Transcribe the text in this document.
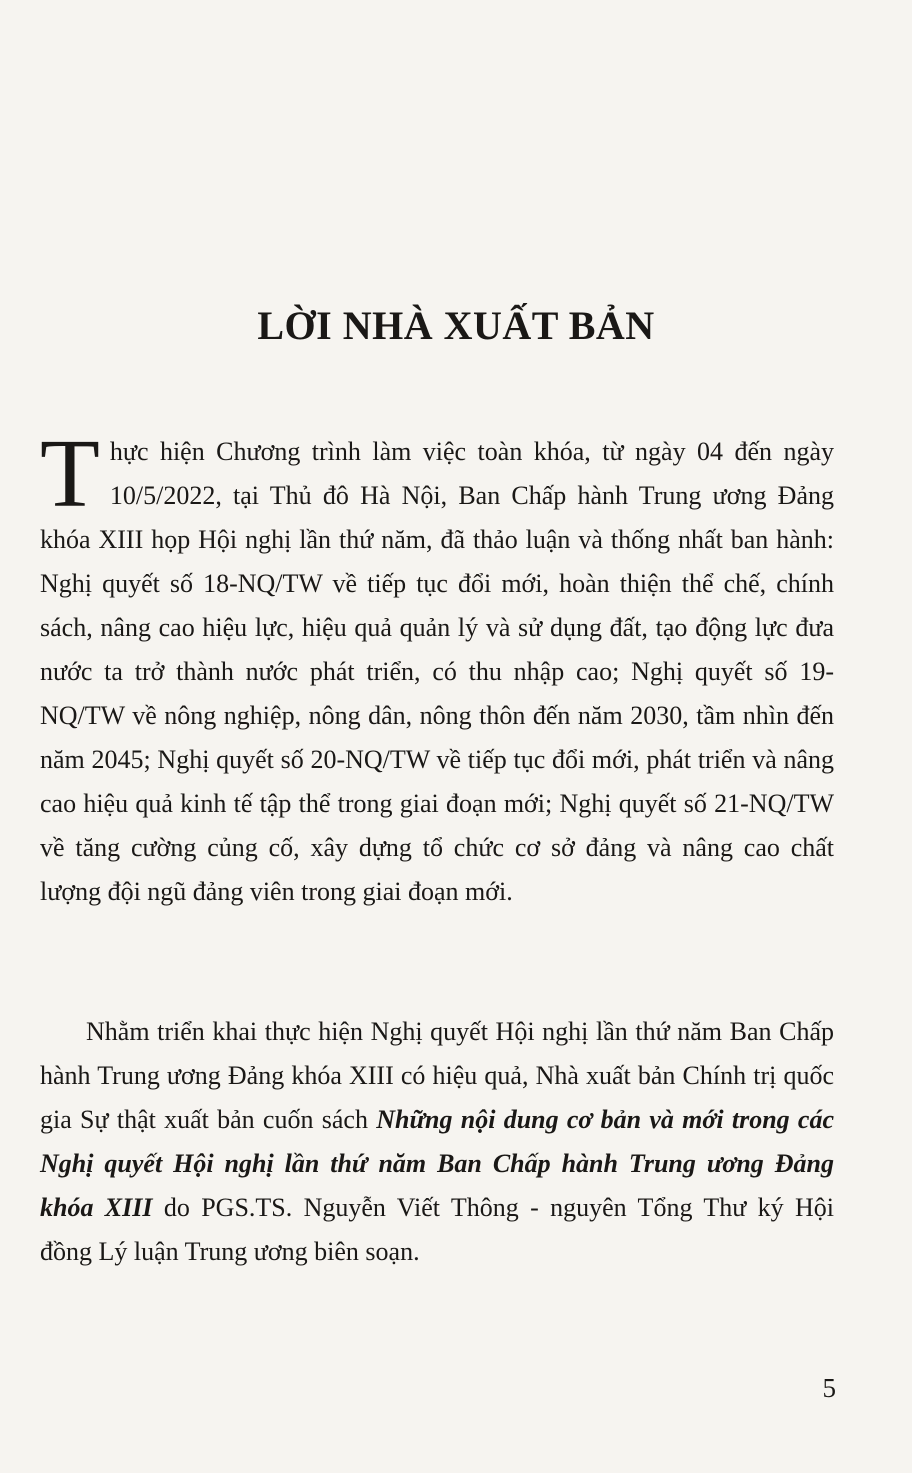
LỜI NHÀ XUẤT BẢN

Thực hiện Chương trình làm việc toàn khóa, từ ngày 04 đến ngày 10/5/2022, tại Thủ đô Hà Nội, Ban Chấp hành Trung ương Đảng khóa XIII họp Hội nghị lần thứ năm, đã thảo luận và thống nhất ban hành: Nghị quyết số 18-NQ/TW về tiếp tục đổi mới, hoàn thiện thể chế, chính sách, nâng cao hiệu lực, hiệu quả quản lý và sử dụng đất, tạo động lực đưa nước ta trở thành nước phát triển, có thu nhập cao; Nghị quyết số 19-NQ/TW về nông nghiệp, nông dân, nông thôn đến năm 2030, tầm nhìn đến năm 2045; Nghị quyết số 20-NQ/TW về tiếp tục đổi mới, phát triển và nâng cao hiệu quả kinh tế tập thể trong giai đoạn mới; Nghị quyết số 21-NQ/TW về tăng cường củng cố, xây dựng tổ chức cơ sở đảng và nâng cao chất lượng đội ngũ đảng viên trong giai đoạn mới.

Nhằm triển khai thực hiện Nghị quyết Hội nghị lần thứ năm Ban Chấp hành Trung ương Đảng khóa XIII có hiệu quả, Nhà xuất bản Chính trị quốc gia Sự thật xuất bản cuốn sách Những nội dung cơ bản và mới trong các Nghị quyết Hội nghị lần thứ năm Ban Chấp hành Trung ương Đảng khóa XIII do PGS.TS. Nguyễn Viết Thông - nguyên Tổng Thư ký Hội đồng Lý luận Trung ương biên soạn.

5
